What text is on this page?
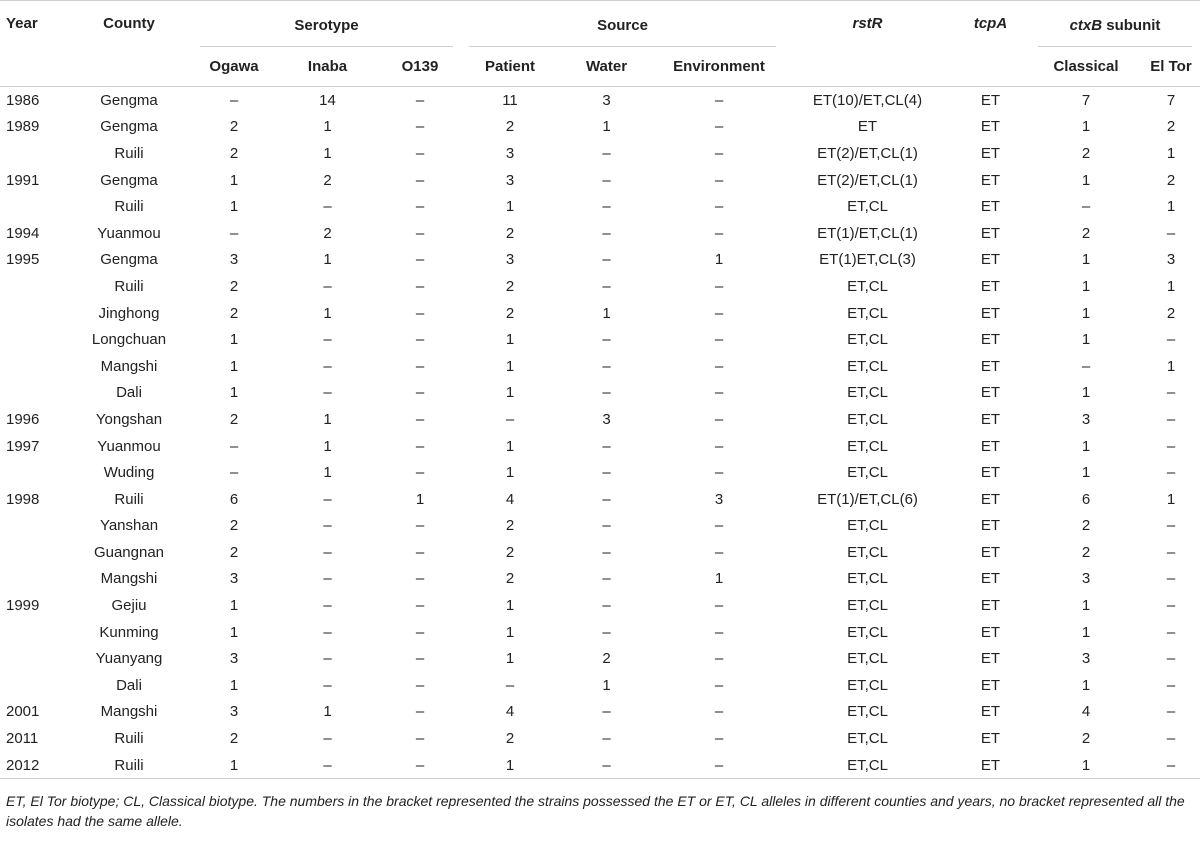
Year	County	Serotype			Source			rstR	tcpA	ctxB subunit	

		Ogawa	Inaba	O139	Patient	Water	Environment			Classical	El Tor
1986	Gengma	–	14	–	11	3	–	ET(10)/ET,CL(4)	ET	7	7
1989	Gengma	2	1	–	2	1	–	ET	ET	1	2
	Ruili	2	1	–	3	–	–	ET(2)/ET,CL(1)	ET	2	1
1991	Gengma	1	2	–	3	–	–	ET(2)/ET,CL(1)	ET	1	2
	Ruili	1	–	–	1	–	–	ET,CL	ET	–	1
1994	Yuanmou	–	2	–	2	–	–	ET(1)/ET,CL(1)	ET	2	–
1995	Gengma	3	1	–	3	–	1	ET(1)ET,CL(3)	ET	1	3
	Ruili	2	–	–	2	–	–	ET,CL	ET	1	1
	Jinghong	2	1	–	2	1	–	ET,CL	ET	1	2
	Longchuan	1	–	–	1	–	–	ET,CL	ET	1	–
	Mangshi	1	–	–	1	–	–	ET,CL	ET	–	1
	Dali	1	–	–	1	–	–	ET,CL	ET	1	–
1996	Yongshan	2	1	–	–	3	–	ET,CL	ET	3	–
1997	Yuanmou	–	1	–	1	–	–	ET,CL	ET	1	–
	Wuding	–	1	–	1	–	–	ET,CL	ET	1	–
1998	Ruili	6	–	1	4	–	3	ET(1)/ET,CL(6)	ET	6	1
	Yanshan	2	–	–	2	–	–	ET,CL	ET	2	–
	Guangnan	2	–	–	2	–	–	ET,CL	ET	2	–
	Mangshi	3	–	–	2	–	1	ET,CL	ET	3	–
1999	Gejiu	1	–	–	1	–	–	ET,CL	ET	1	–
	Kunming	1	–	–	1	–	–	ET,CL	ET	1	–
	Yuanyang	3	–	–	1	2	–	ET,CL	ET	3	–
	Dali	1	–	–	–	1	–	ET,CL	ET	1	–
2001	Mangshi	3	1	–	4	–	–	ET,CL	ET	4	–
2011	Ruili	2	–	–	2	–	–	ET,CL	ET	2	–
2012	Ruili	1	–	–	1	–	–	ET,CL	ET	1	–
ET, El Tor biotype; CL, Classical biotype. The numbers in the bracket represented the strains possessed the ET or ET, CL alleles in different counties and years, no bracket represented all the isolates had the same allele.
